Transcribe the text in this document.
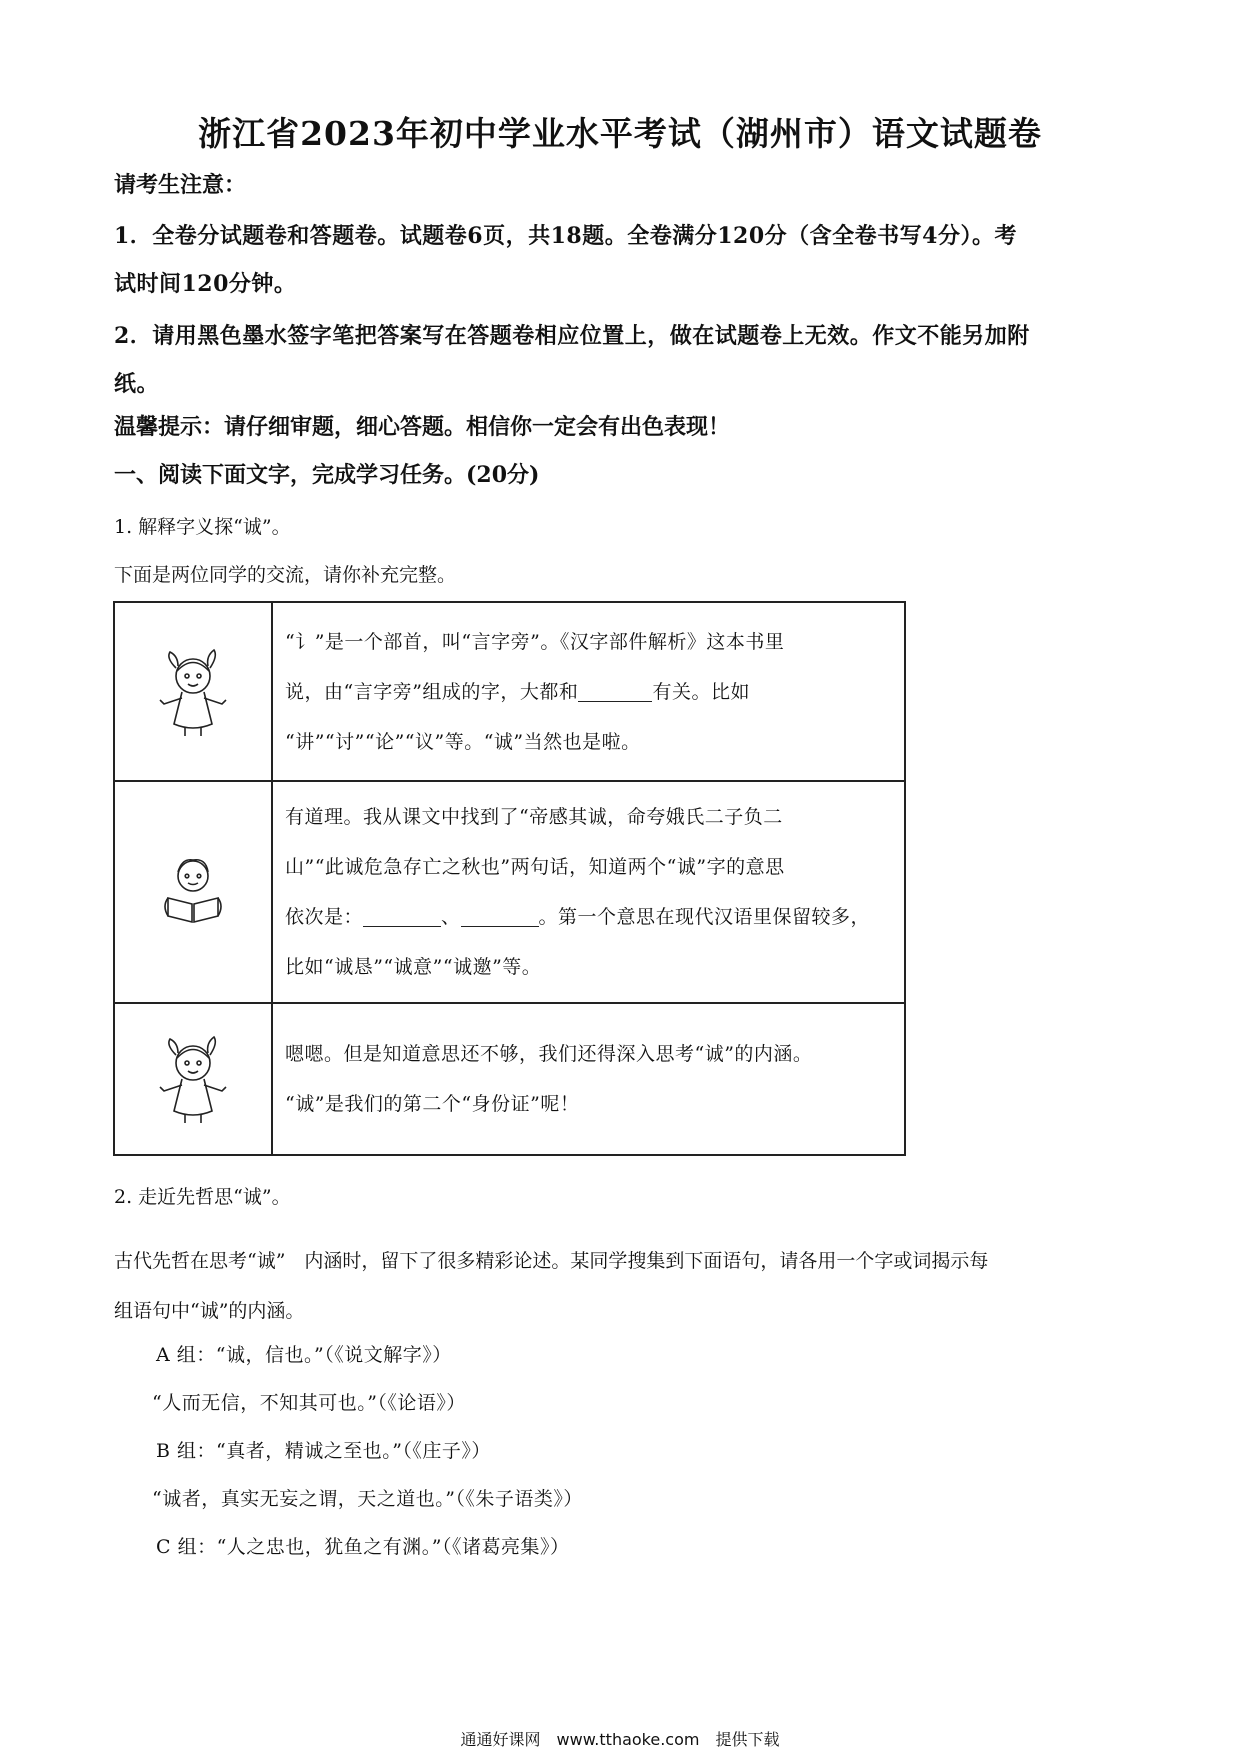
浙江省2023年初中学业水平考试（湖州市）语文试题卷
请考生注意：
1．全卷分试题卷和答题卷。试题卷6页，共18题。全卷满分120分（含全卷书写4分）。考
试时间120分钟。
2．请用黑色墨水签字笔把答案写在答题卷相应位置上，做在试题卷上无效。作文不能另加附
纸。
温馨提示：请仔细审题，细心答题。相信你一定会有出色表现！
一、阅读下面文字，完成学习任务。(20分)
1. 解释字义探“诚”。
下面是两位同学的交流，请你补充完整。

“讠”是一个部首，叫“言字旁”。《汉字部件解析》这本书里
说，由“言字旁”组成的字，大都和 有关。比如
“讲”“讨”“论”“议”等。“诚”当然也是啦。

有道理。我从课文中找到了“帝感其诚，命夸娥氏二子负二
山”“此诚危急存亡之秋也”两句话，知道两个“诚”字的意思
依次是： 、 。第一个意思在现代汉语里保留较多，
比如“诚恳”“诚意”“诚邀”等。

嗯嗯。但是知道意思还不够，我们还得深入思考“诚”的内涵。
“诚”是我们的第二个“身份证”呢！
2. 走近先哲思“诚”。
古代先哲在思考“诚”　内涵时，留下了很多精彩论述。某同学搜集到下面语句，请各用一个字或词揭示每
组语句中“诚”的内涵。
A 组：“诚，信也。”（《说文解字》）
“人而无信，不知其可也。”（《论语》）
B 组：“真者，精诚之至也。”（《庄子》）
“诚者，真实无妄之谓，天之道也。”（《朱子语类》）
C 组：“人之忠也，犹鱼之有渊。”（《诸葛亮集》）
通通好课网　www.tthaoke.com　提供下载
